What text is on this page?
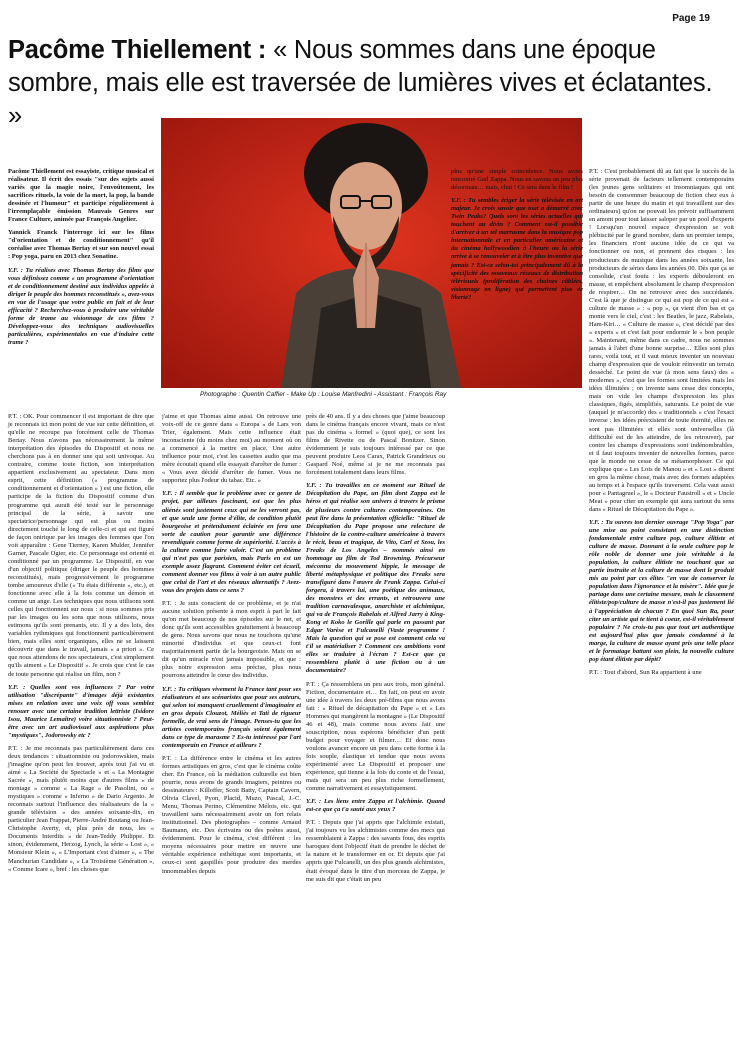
Page 19
Pacôme Thiellement : « Nous sommes dans une époque sombre, mais elle est traversée de lumières vives et éclatantes. »
Photographe : Quentin Caffier - Make Up : Louise Manfredini - Assistant : François Ray

Pacôme Thiellement est essayiste, critique musical et réalisateur. Il écrit des essais "sur des sujets aussi variés que la magie noire, l'envoûtement, les sacrifices rituels, la voie de la mort, la pop, la bande dessinée et l'humour" et participe régulièrement à l'irremplaçable émission Mauvais Genres sur France Culture, animée par François Angelier.

Yannick Franck l'interroge ici sur les films "d'orientation et de conditionnement" qu'il coréalise avec Thomas Bertay et sur son nouvel essai : Pop yoga, paru en 2013 chez Sonatine.

Y.F. : Tu réalises avec Thomas Bertay des films que vous définissez comme « un programme d'orientation et de conditionnement destiné aux individus appelés à diriger le peuple des hommes reconstitués », avez-vous en vue de l'usage que votre public en fait et de leur efficacité ? Recherchez-vous à produire une véritable forme de trame au visionnage de ces films ? Développez-vous des techniques audiovisuelles particulières, expérimentales en vue d'induire cette trame ?

P.T. : OK. Pour commencer il est important de dire que je reconnais ici mon point de vue sur cette définition, et qu'elle ne recoupe pas forcément celle de Thomas Bertay. Nous n'avons pas nécessairement la même interprétation des épisodes du Dispositif et nous ne cherchons pas à en donner une qui soit univoque. Au contraire, comme toute fiction, son interprétation appartient exclusivement au spectateur. Dans mon esprit, cette définition (« programme de conditionnement et d'orientation » ) est une fiction, elle participe de la fiction du Dispositif comme d'un programme qui aurait été testé sur le personnage principal de la série, à savoir une spectatrice/personnage qui est plus ou moins directement touché le long de celle-ci et qui est figuré de façon onirique par les images des femmes que l'on voit apparaître : Gene Tierney, Karen Mulder, Jennifer Garner, Pascale Ogier, etc. Ce personnage est orienté et conditionné par un programme. Le Dispositif, en vue d'un objectif politique (diriger le peuple des hommes reconstitués), mais progressivement le programme tombe amoureux d'elle (« Tu étais différente », etc.), et fonctionne avec elle à la fois comme un démon et comme un ange. Les techniques que nous utilisons sont celles qui fonctionnent sur nous : si nous sommes pris par les images ou les sons que nous utilisons, nous estimons qu'ils sont prenants, etc. Il y a des lois, des variables rythmiques qui fonctionnent particulièrement bien, mais elles sont organiques, elles ne se laissent découvrir que dans le travail, jamais « a priori ». Ce que nous attendons de nos spectateurs, c'est simplement qu'ils aiment « Le Dispositif ». Je crois que c'est le cas de toute personne qui réalise un film, non ?

Y.F. : Quelles sont vos influences ? Par votre utilisation "discrépante" d'images déjà existantes mises en relation avec une voix off vous semblez renouer avec une certaine tradition lettriste (Isidore Isou, Maurice Lemaître) voire situationniste ? Peut-être avec un art audiovisuel aux aspirations plus "mystiques", Jodorowsky etc ?

P.T. : Je me reconnais pas particulièrement dans ces deux tendances : situationniste ou jodorowskien, mais j'imagine qu'on peut les trouver, après tout j'ai vu et aimé « La Société du Spectacle » et « La Montagne Sacrée », mais plutôt moins que d'autres films « de montage » comme « La Rage » de Pasolini, ou « mystiques » comme « Inferno » de Dario Argento. Je reconnais surtout l'influence des réalisateurs de la « grande télévision » des années soixante-dix, en particulier Jean Frappat, Pierre-André Boutang ou Jean-Christophe Averty, et, plus près de nous, les « Documents Interdits » de Jean-Teddy Philippe. Et sinon, évidemment, Herzog, Lynch, la série « Lost », « Monsieur Klein », « L'Important c'est d'aimer », « The Manchurian Candidate », « La Troisième Génération », « Comme Icare », bref : les choses que

j'aime et que Thomas aime aussi. On retrouve une voix-off de ce genre dans « Europa » de Lars von Trier, également. Mais cette influence était inconsciente (du moins chez moi) au moment où on a commencé à la mettre en place. Une autre influence pour moi, c'est les cassettes audio que ma mère écoutait quand elle essayait d'arrêter de fumer : « Vous avez décidé d'arrêter de fumer. Vous ne supportez plus l'odeur du tabac. Etc. »

Y.F. : Il semble que le problème avec ce genre de projet, par ailleurs fascinant, est que les plus aliénés sont justement ceux qui ne les verront pas, et que seule une forme d'élite, de condition plutôt bourgeoise et prétendument éclairée en fera une sorte de caution pour garantir une différence revendiquée comme forme de supériorité. L'accès à la culture comme faire valoir. C'est un problème qui n'est pas que parisien, mais Paris en est un exemple assez flagrant. Comment éviter cet écueil, comment donner vos films à voir à un autre public que celui de l'art et des réseaux alternatifs ? Avez-vous des projets dans ce sens ?

P.T. : Je suis conscient de ce problème, et je n'ai aucune solution présente à mon esprit à part le fait qu'on met beaucoup de nos épisodes sur le net, et donc qu'ils sont accessibles gratuitement à beaucoup de gens. Nous savons que nous ne touchons qu'une minorité d'individus et que ceux-ci font majoritairement partie de la bourgeoisie. Mais on se dit qu'un miracle n'est jamais impossible, et que : plus notre expression sera précise, plus nous pourrons atteindre le cœur des individus.

Y.F. : Tu critiques vivement la France tant pour ses réalisateurs et ses scénaristes que pour ses auteurs, qui selon toi manquent cruellement d'imaginaire et en gros depuis Clouzot, Méliès et Tati de rigueur formelle, de vrai sens de l'image. Penses-tu que les artistes contemporains français soient également dans ce type de marasme ? Es-tu intéressé par l'art contemporain en France et ailleurs ?

P.T. : La différence entre le cinéma et les autres formes artistiques en gros, c'est que le cinéma coûte cher. En France, où la médiation culturelle est bien pourrie, nous avons de grands imagiers, peintres ou dessinateurs : Killoffer, Scott Batty, Captain Cavern, Olivia Clavel, Pyon, Placid, Muzo, Pascal, J.-C. Menu, Thomas Perino, Clémentine Mélois, etc. qui travaillent sans nécessairement avoir un fort relais institutionnel. Des photographes – comme Arnaud Baumann, etc. Des écrivains ou des poètes aussi, évidemment. Pour le cinéma, c'est différent : les moyens nécessaires pour mettre en œuvre une véritable expérience esthétique sont importants, et ceux-ci sont gaspillés pour produire des merdes innommables depuis

près de 40 ans. Il y a des choses que j'aime beaucoup dans le cinéma français encore vivant, mais ce n'est pas du cinéma « formel » (quoi que), ce sont les films de Rivette ou de Pascal Bonitzer. Sinon évidemment je suis toujours intéressé par ce que peuvent produire Leos Carax, Patrick Grandrieux ou Gaspard Noé, même si je ne me reconnais pas forcément totalement dans leurs films.

Y.F. : Tu travailles en ce moment sur Rituel de Décapitation du Pape, un film dont Zappa est le héros et qui réalise son univers à travers le prisme de plusieurs contre cultures contemporaines. On peut lire dans la présentation officielle: "Rituel de Décapitation du Pape propose une relecture de l'histoire de la contre-culture américaine à travers le récit, beau et tragique, de Vito, Carl et Szou, les Freaks de Los Angeles – nommés ainsi en hommage au film de Tod Browning. Précurseur méconnu du mouvement hippie, le message de liberté métaphysique et politique des Freaks sera transfiguré dans l'œuvre de Frank Zappa. Celui-ci forgera, à travers lui, une poétique des animaux, des monstres et des errants, et retrouvera une tradition carnavalesque, anarchiste et alchimique, qui va de François Rabelais et Alfred Jarry à King-Kong et Koko le Gorille qui parle en passant par Edgar Varèse et Fulcanelli (Vaste programme ! Mais la question qui se pose est comment cela va t'il se matérialiser ? Comment ces ambitions vont elles se traduire à l'écran ? Est-ce que ça ressemblera plutôt à une fiction ou à un documentaire?

P.T. : Ça ressemblera un peu aux trois, mon général. Fiction, documentaire et… En fait, on peut en avoir une idée à travers les deux pré-films que nous avons fait : « Rituel de décapitation du Pape » et « Les Hommes qui mangèrent la montagne » (Le Dispositif 46 et 48), mais comme nous avons fait une souscription, nous espérons bénéficier d'un petit budget pour voyager et filmer… Et donc nous voulons avancer encore un peu dans cette forme à la fois souple, élastique et tendue que nous avons expérimenté avec Le Dispositif et proposer une expérience, qui tienne à la fois du conte et de l'essai, mais qui sera un peu plus riche formellement, comme narrativement et essayistiquement.

Y.F. : Les liens entre Zappa et l'alchimie. Quand est-ce que ça t'a sauté aux yeux ?

P.T. : Depuis que j'ai appris que l'alchimie existait, j'ai toujours vu les alchimistes comme des mecs qui ressemblaient à Zappa : des savants fous, des esprits baroques dont l'objectif était de prendre le déchet de la nature et le transformer en or. Et depuis que j'ai appris que Fulcanelli, un des plus grands alchimistes, était évoqué dans le titre d'un morceau de Zappa, je me suis dit que c'était un peu

plus qu'une simple coïncidence. Nous avons rencontré Gail Zappa. Nous en savons un peu plus désormais… mais, chut ! Ce sera dans le film !

Y.F. : Tu sembles ériger la série télévisée en art majeur. Je crois savoir que tout a démarré avec Twin Peaks? Quels sont les séries actuelles qui touchent au divin ? Comment est-il possible d'arriver à un tel marrasme dans la musique pop internationnale et en particulier américaine et du cinéma hollywoodien à l'heure ou la série arrive à se renouveler et à être plus inventive que jamais ? Est-ce selon-toi principalement dû à la spécificité des nouveaux réseaux de distribution télévisuels (prolifération des chaines câblées, visionnage en ligne) qui permettent plus de liberté?

P.T. : C'est probablement dû au fait que le succès de la série provenait de facteurs tellement contemporains (les jeunes gens solitaires et insomniaques qui ont besoin de consommer beaucoup de fiction chez eux à partir de une heure du matin et qui travaillent sur des ordinateurs) qu'on ne pouvait les prévoir suffisamment en amont pour tout laisser saloper par un pool d'experts ! Lorsqu'un nouvel espace d'expression se voit plébiscité par le grand nombre, dans un premier temps, les financiers n'ont aucune idée de ce qui va fonctionner ou non, et prennent des risques : les producteurs de musique dans les années soixante, les producteurs de séries dans les années 00. Dès que ça se consolide, c'est foutu : les experts débouleront en masse, et empêchent absolument le champ d'expression de respirer… On ne retrouve avec des succédanés. C'est là que je distingue ce qui est pop de ce qui est « culture de masse » : « pop », ça vient d'en bas et ça monte vers le ciel, c'est : les Beatles, le jazz, Rabelais, Ham-Kiri… « Culture de masse », c'est décidé par des « experts » et c'est fait pour endormir le « bon peuple ». Maintenant, même dans ce cadre, nous ne sommes jamais à l'abri d'une bonne surprise… Elles sont plus rares, voilà tout, et il vaut mieux inventer un nouveau champ d'expression que de vouloir réinvestir un terrain dessèché. Le point de vue (à mon sens faux) des « modernes », c'est que les formes sont limitées mais les idées illimitées ; on invente sans cesse des concepts, mais on vide les champs d'expression les plus classiques, figés, simplifiés, saturants. Le point de vue (auquel je m'accorde) des « traditionnels » c'est l'exact inverse : les idées préexistent de toute éternité, elles ne sont pas illimitées et elles sont universelles (là difficulté est de les atteindre, de les retrouver), par contre les champs d'expressions sont indénombrables, et il faut toujours inventer de nouvelles formes, parce que le monde ne cesse de se métamorphoser. Ce qui explique que « Les Lois de Manou » et « Lost » disent en gros la même chose, mais avec des formes adaptées au temps et à l'espace qu'ils traversent. Cela vaut aussi pour « Pantagruel », le « Docteur Faustroll » et « Uncle Meat » pour citer un exemple qui aura surtout du sens dans « Rituel de Décapitation du Pape ».

Y.F. : Tu ouvres ton dernier ouvrage "Pop Yoga" par une mise au point consistant en une distinction fondamentale entre culture pop, culture élitiste et culture de masse. Donnant à la seule culture pop le rôle noble de donner une joie véritable à la population, la culture élitiste ne touchant que sa partie instruite et la culture de masse dont le produit mis au point par ces élites "en vue de conserver la population dans l'ignorance et la misère". Idée que je partage dans une certaine mesure, mais le classement élitiste/pop/culture de masse n'est-il pas justement lié à l'appréciation de chacun ? En quoi Sun Ra, pour citer un artiste qui te tient à coeur, est-il véritablement populaire ? Ne crois-tu pas que tout art authentique est aujourd'hui plus que jamais condamné à la marge, la culture de masse ayant pris une telle place et le formatage battant son plein, la nouvelle culture pop étant élitiste par dépit?

P.T. : Tout d'abord, Sun Ra appartient à une
